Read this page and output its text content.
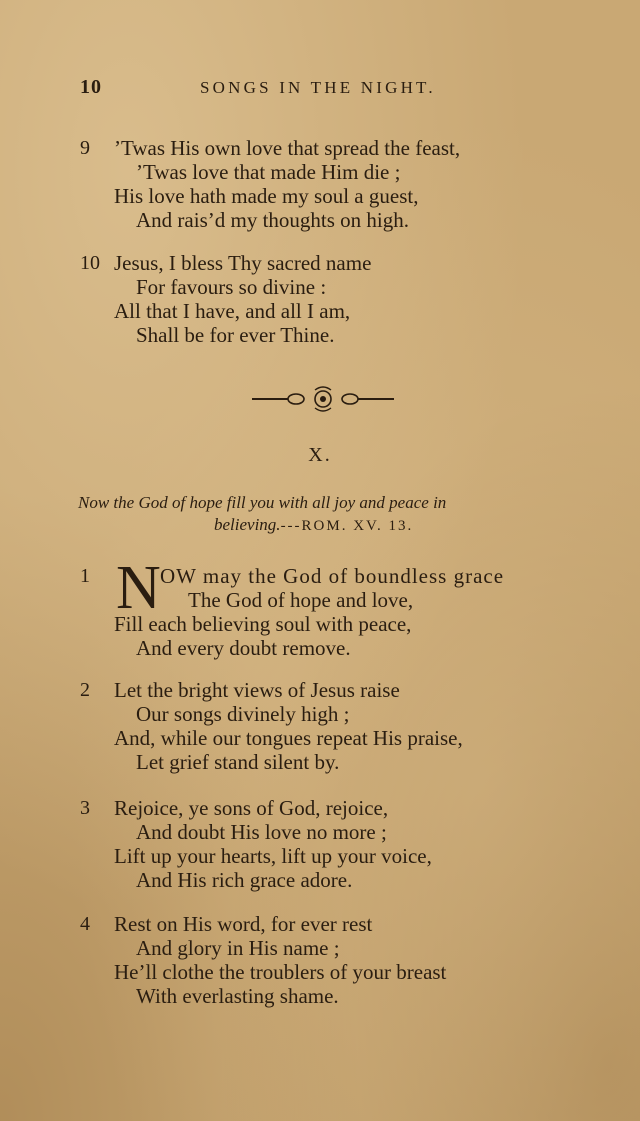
10	SONGS IN THE NIGHT.
9	’Twas His own love that spread the feast,
’Twas love that made Him die ;
His love hath made my soul a guest,
And rais’d my thoughts on high.
10 Jesus, I bless Thy sacred name
For favours so divine :
All that I have, and all I am,
Shall be for ever Thine.
X.
Now the God of hope fill you with all joy and peace in
believing.---ROM. XV. 13.
1 N OW may the God of boundless grace
The God of hope and love,
Fill each believing soul with peace,
And every doubt remove.
2	Let the bright views of Jesus raise
Our songs divinely high ;
And, while our tongues repeat His praise,
Let grief stand silent by.
3	Rejoice, ye sons of God, rejoice,
And doubt His love no more ;
Lift up your hearts, lift up your voice,
And His rich grace adore.
4	Rest on His word, for ever rest
And glory in His name ;
He’ll clothe the troublers of your breast
With everlasting shame.
